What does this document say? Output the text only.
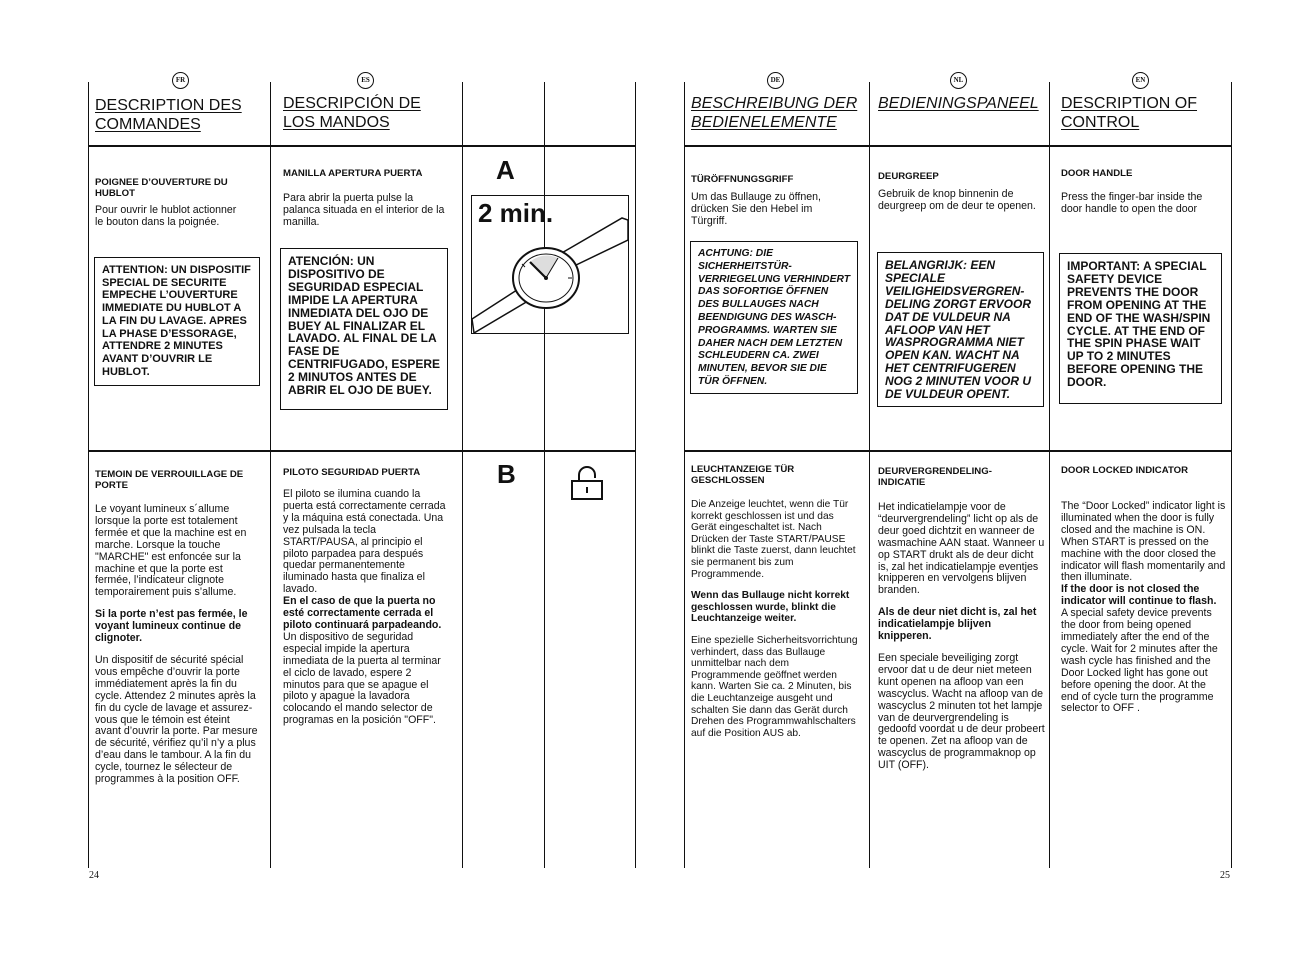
FR	ES	DE	NL	EN
DESCRIPTION DES COMMANDES
DESCRIPCIÓN DE LOS MANDOS
BESCHREIBUNG DER BEDIENELEMENTE
BEDIENINGSPANEEL	DESCRIPTION OF CONTROL
POIGNEE D’OUVERTURE DU HUBLOT
Pour ouvrir le hublot actionner le bouton dans la poignée.
ATTENTION: UN DISPOSITIF SPECIAL DE SECURITE EMPECHE L’OUVERTURE IMMEDIATE DU HUBLOT A LA FIN DU LAVAGE. APRES LA PHASE D’ESSORAGE, ATTENDRE 2 MINUTES AVANT D’OUVRIR LE HUBLOT.
TEMOIN DE VERROUILLAGE DE PORTE

Le voyant lumineux s´allume lorsque la porte est totalement fermée et que la machine est en marche. Lorsque la touche "MARCHE" est enfoncée sur la machine et que la porte est fermée, l’indicateur clignote temporairement puis s’allume.

Si la porte n’est pas fermée, le voyant lumineux continue de clignoter.

Un dispositif de sécurité spécial vous empêche d’ouvrir la porte immédiatement après la fin du cycle. Attendez 2 minutes après la fin du cycle de lavage et assurez-vous que le témoin est éteint avant d’ouvrir la porte. Par mesure de sécurité, vérifiez qu’il n’y a plus d’eau dans le tambour. A la fin du cycle, tournez le sélecteur de programmes à la position OFF.

MANILLA APERTURA PUERTA
Para abrir la puerta pulse la palanca situada en el interior de la manilla.
ATENCIÓN: UN DISPOSITIVO DE SEGURIDAD ESPECIAL IMPIDE LA APERTURA INMEDIATA DEL OJO DE BUEY AL FINALIZAR EL LAVADO. AL FINAL DE LA FASE DE CENTRIFUGADO, ESPERE 2 MINUTOS ANTES DE ABRIR EL OJO DE BUEY.
PILOTO SEGURIDAD PUERTA

El piloto se ilumina cuando la puerta está correctamente cerrada y la máquina está conectada. Una vez pulsada la tecla START/PAUSA, al principio el piloto parpadea para después quedar permanentemente iluminado hasta que finaliza el lavado.

En el caso de que la puerta no esté correctamente cerrada el piloto continuará parpadeando.

Un dispositivo de seguridad especial impide la apertura inmediata de la puerta al terminar el ciclo de lavado, espere 2 minutos para que se apague el piloto y apague la lavadora colocando el mando selector de programas en la posición "OFF".

A
2 min.
B
TÜRÖFFNUNGSGRIFF
Um das Bullauge zu öffnen, drücken Sie den Hebel im Türgriff.
ACHTUNG: DIE SICHERHEITSTÜR-VERRIEGELUNG VERHINDERT DAS SOFORTIGE ÖFFNEN DES BULLAUGES NACH BEENDIGUNG DES WASCH-PROGRAMMS. WARTEN SIE DAHER NACH DEM LETZTEN SCHLEUDERN CA. ZWEI MINUTEN, BEVOR SIE DIE TÜR ÖFFNEN.
LEUCHTANZEIGE TÜR GESCHLOSSEN

Die Anzeige leuchtet, wenn die Tür korrekt geschlossen ist und das Gerät eingeschaltet ist. Nach Drücken der Taste START/PAUSE blinkt die Taste zuerst, dann leuchtet sie permanent bis zum Programmende.

Wenn das Bullauge nicht korrekt geschlossen wurde, blinkt die Leuchtanzeige weiter.

Eine spezielle Sicherheitsvorrichtung verhindert, dass das Bullauge unmittelbar nach dem Programmende geöffnet werden kann. Warten Sie ca. 2 Minuten, bis die Leuchtanzeige ausgeht und schalten Sie dann das Gerät durch Drehen des Programmwahlschalters auf die Position AUS ab.

DEURGREEP
Gebruik de knop binnenin de deurgreep om de deur te openen.
BELANGRIJK: EEN SPECIALE VEILIGHEIDSVERGREN-DELING ZORGT ERVOOR DAT DE VULDEUR NA AFLOOP VAN HET WASPROGRAMMA NIET OPEN KAN. WACHT NA HET CENTRIFUGEREN NOG 2 MINUTEN VOOR U DE VULDEUR OPENT.
DEURVERGRENDELING-INDICATIE

Het indicatielampje voor de “deurvergrendeling” licht op als de deur goed dichtzit en wanneer de wasmachine AAN staat. Wanneer u op START drukt als de deur dicht is, zal het indicatielampje eventjes knipperen en vervolgens blijven branden.

Als de deur niet dicht is, zal het indicatielampje blijven knipperen.

Een speciale beveiliging zorgt ervoor dat u de deur niet meteen kunt openen na afloop van een wascyclus. Wacht na afloop van de wascyclus 2 minuten tot het lampje van de deurvergrendeling is gedoofd voordat u de deur probeert te openen. Zet na afloop van de wascyclus de programmaknop op UIT (OFF).

DOOR HANDLE
Press the finger-bar inside the door handle to open the door
IMPORTANT: A SPECIAL SAFETY DEVICE PREVENTS THE DOOR FROM OPENING AT THE END OF THE WASH/SPIN CYCLE. AT THE END OF THE SPIN PHASE WAIT UP TO 2 MINUTES BEFORE OPENING THE DOOR.
DOOR LOCKED INDICATOR

The “Door Locked” indicator light is illuminated when the door is fully closed and the machine is ON. When START is pressed on the machine with the door closed the indicator will flash momentarily and then illuminate.

If the door is not closed the indicator will continue to flash.

A special safety device prevents the door from being opened immediately after the end of the cycle. Wait for 2 minutes after the wash cycle has finished and the Door Locked light has gone out before opening the door. At the end of cycle turn the programme selector to OFF .

24	25
